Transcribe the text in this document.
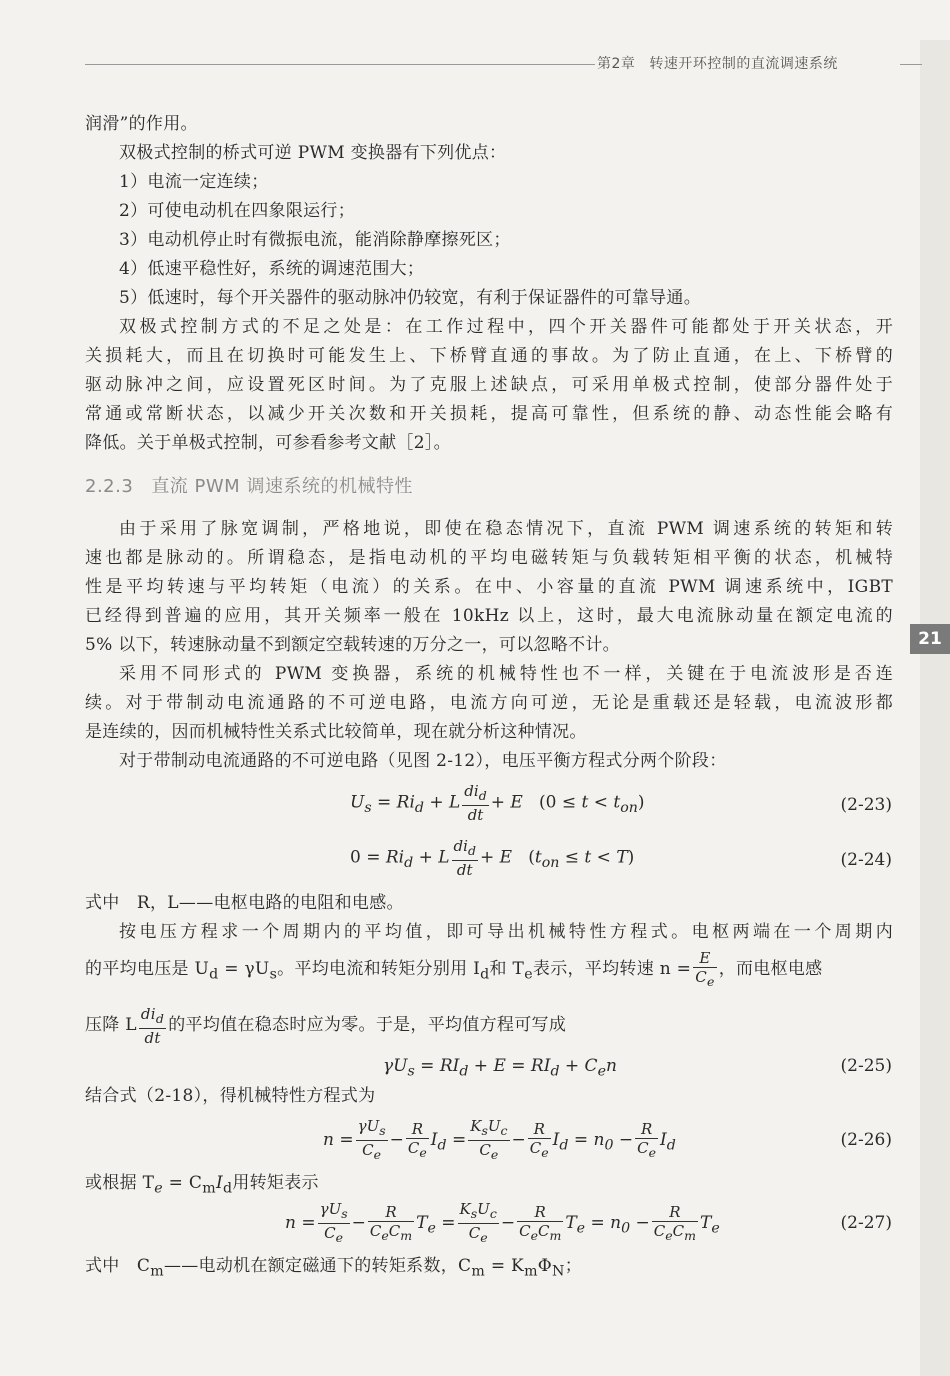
第2章 转速开环控制的直流调速系统
21
润滑”的作用。
双极式控制的桥式可逆 PWM 变换器有下列优点：
1）电流一定连续；
2）可使电动机在四象限运行；
3）电动机停止时有微振电流，能消除静摩擦死区；
4）低速平稳性好，系统的调速范围大；
5）低速时，每个开关器件的驱动脉冲仍较宽，有利于保证器件的可靠导通。
双极式控制方式的不足之处是：在工作过程中，四个开关器件可能都处于开关状态，开
关损耗大，而且在切换时可能发生上、下桥臂直通的事故。为了防止直通，在上、下桥臂的
驱动脉冲之间，应设置死区时间。为了克服上述缺点，可采用单极式控制，使部分器件处于
常通或常断状态，以减少开关次数和开关损耗，提高可靠性，但系统的静、动态性能会略有
降低。关于单极式控制，可参看参考文献［2］。
2.2.3 直流 PWM 调速系统的机械特性
由于采用了脉宽调制，严格地说，即使在稳态情况下，直流 PWM 调速系统的转矩和转
速也都是脉动的。所谓稳态，是指电动机的平均电磁转矩与负载转矩相平衡的状态，机械特
性是平均转速与平均转矩（电流）的关系。在中、小容量的直流 PWM 调速系统中，IGBT
已经得到普遍的应用，其开关频率一般在 10kHz 以上，这时，最大电流脉动量在额定电流的
5% 以下，转速脉动量不到额定空载转速的万分之一，可以忽略不计。
采用不同形式的 PWM 变换器，系统的机械特性也不一样，关键在于电流波形是否连
续。对于带制动电流通路的不可逆电路，电流方向可逆，无论是重载还是轻载，电流波形都
是连续的，因而机械特性关系式比较简单，现在就分析这种情况。
对于带制动电流通路的不可逆电路（见图 2-12），电压平衡方程式分两个阶段：
$U_s = Ri_d + L \frac{di_d}{dt} + E$   $(0 \le t < t_{on})$	(2-23)
$0 = Ri_d + L \frac{di_d}{dt} + E$   $(t_{on} \le t < T)$	(2-24)
式中　R，L——电枢电路的电阻和电感。
按电压方程求一个周期内的平均值，即可导出机械特性方程式。电枢两端在一个周期内
的平均电压是 $U_d = \gamma U_s$。平均电流和转矩分别用 $I_d$和 $T_e$表示，平均转速 $n = \frac{E}{C_e}$ ，而电枢电感
压降 L $\frac{di_d}{dt}$ 的平均值在稳态时应为零。于是，平均值方程可写成
$\gamma U_s = RI_d + E = RI_d + C_en$	(2-25)
结合式（2-18），得机械特性方程式为
$n = \frac{\gamma U_s}{C_e} - \frac{R}{C_e} I_d = \frac{K_sU_c}{C_e} - \frac{R}{C_e} I_d = n_0 - \frac{R}{C_e} I_d$	(2-26)
或根据 $T_e = C_mI_d$用转矩表示
$n = \frac{\gamma U_s}{C_e} - \frac{R}{C_eC_m} T_e = \frac{K_sU_c}{C_e} - \frac{R}{C_eC_m} T_e = n_0 - \frac{R}{C_eC_m} T_e$	(2-27)
式中　$C_m——$电动机在额定磁通下的转矩系数，$C_m = K_m\Phi_N$；
